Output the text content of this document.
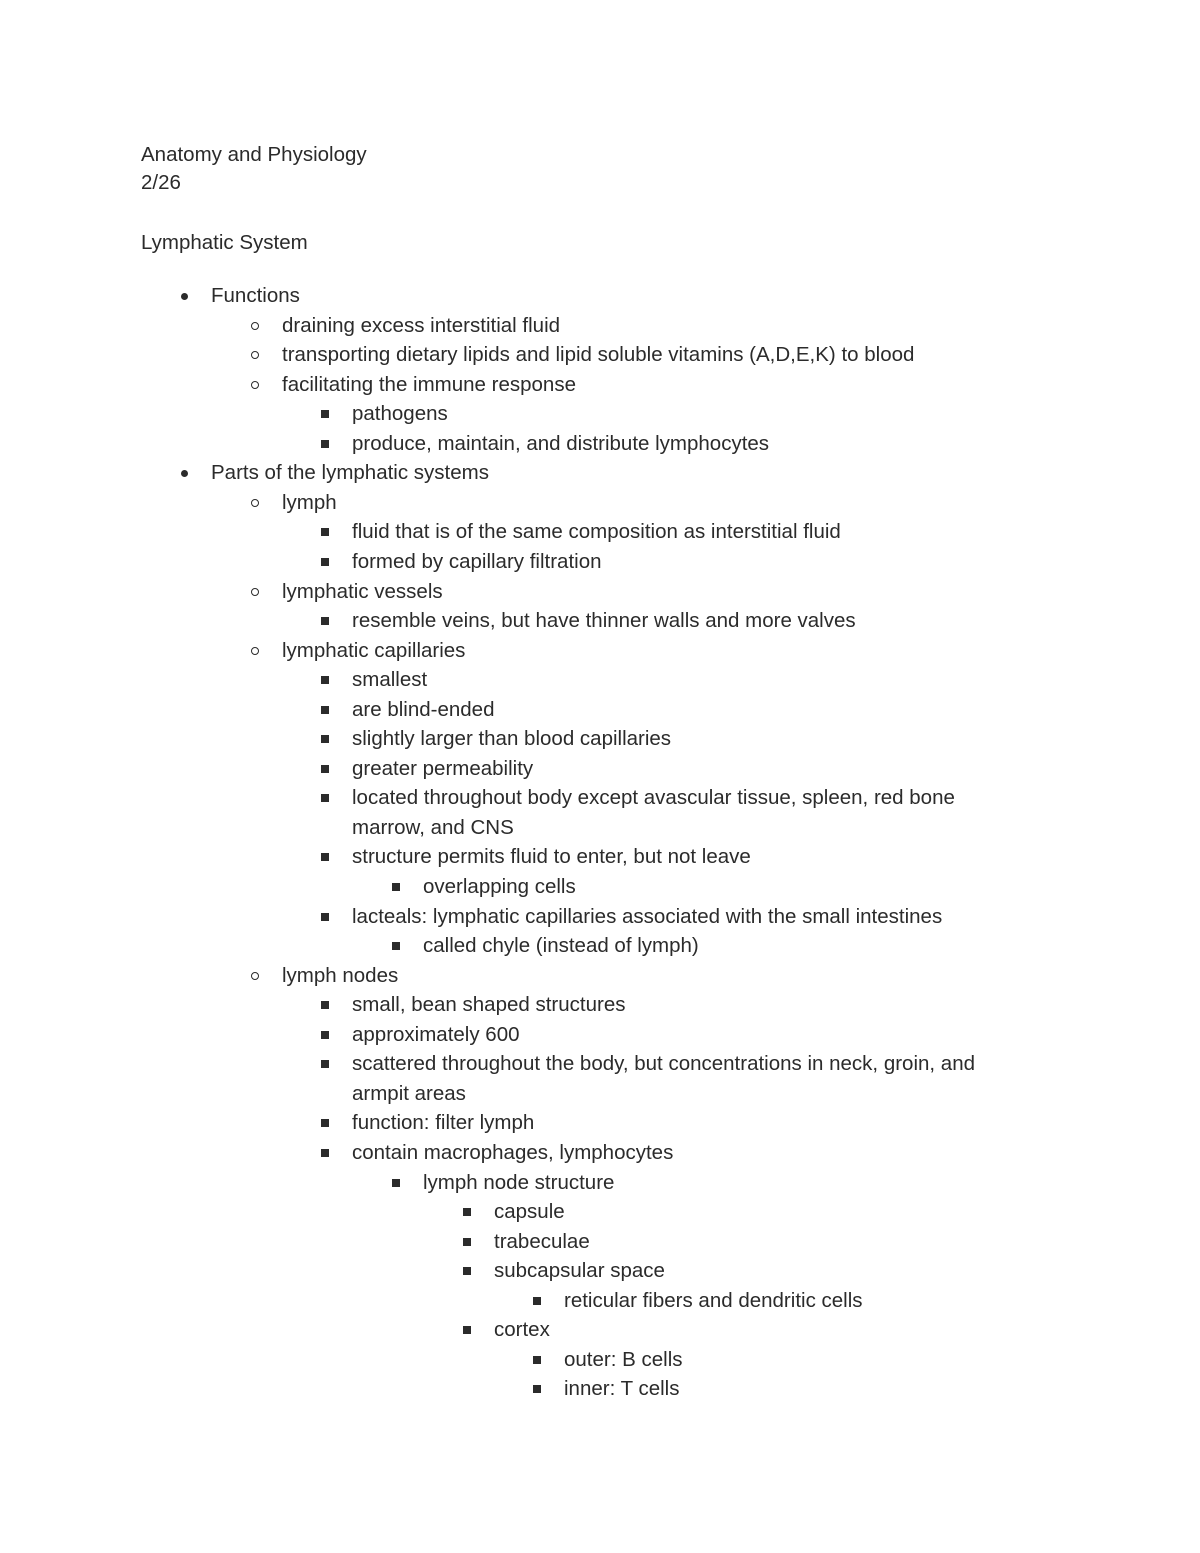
Anatomy and Physiology

2/26

Lymphatic System

Functions
draining excess interstitial fluid
transporting dietary lipids and lipid soluble vitamins (A,D,E,K) to blood
facilitating the immune response
pathogens
produce, maintain, and distribute lymphocytes
Parts of the lymphatic systems
lymph
fluid that is of the same composition as interstitial fluid
formed by capillary filtration
lymphatic vessels
resemble veins, but have thinner walls and more valves
lymphatic capillaries
smallest
are blind-ended
slightly larger than blood capillaries
greater permeability
located throughout body except avascular tissue, spleen, red bone
marrow, and CNS
structure permits fluid to enter, but not leave
overlapping cells
lacteals: lymphatic capillaries associated with the small intestines
called chyle (instead of lymph)
lymph nodes
small, bean shaped structures
approximately 600
scattered throughout the body, but concentrations in neck, groin, and
armpit areas
function: filter lymph
contain macrophages, lymphocytes
lymph node structure
capsule
trabeculae
subcapsular space
reticular fibers and dendritic cells
cortex
outer: B cells
inner: T cells
